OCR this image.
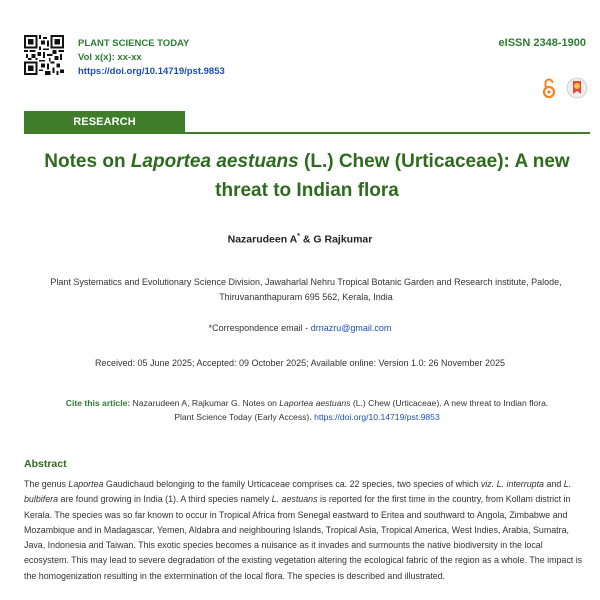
PLANT SCIENCE TODAY
Vol x(x): xx-xx
https://doi.org/10.14719/pst.9853
eISSN 2348-1900
RESEARCH COMMUNICATION
Notes on Laportea aestuans (L.) Chew (Urticaceae): A new threat to Indian flora
Nazarudeen A* & G Rajkumar
Plant Systematics and Evolutionary Science Division, Jawaharlal Nehru Tropical Botanic Garden and Research institute, Palode,
Thiruvananthapuram 695 562, Kerala, India
*Correspondence email - drnazru@gmail.com
Received: 05 June 2025; Accepted: 09 October 2025; Available online: Version 1.0: 26 November 2025
Cite this article: Nazarudeen A, Rajkumar G. Notes on Laportea aestuans (L.) Chew (Urticaceae). A new threat to Indian flora.
Plant Science Today (Early Access). https://doi.org/10.14719/pst.9853
Abstract
The genus Laportea Gaudichaud belonging to the family Urticaceae comprises ca. 22 species, two species of which viz. L. interrupta and L. bulbifera are found growing in India (1). A third species namely L. aestuans is reported for the first time in the country, from Kollam district in Kerala. The species was so far known to occur in Tropical Africa from Senegal eastward to Eritea and southward to Angola, Zimbabwe and Mozambique and in Madagascar, Yemen, Aldabra and neighbouring Islands, Tropical Asia, Tropical America, West Indies, Arabia, Sumatra, Java, Indonesia and Taiwan. This exotic species becomes a nuisance as it invades and surmounts the native biodiversity in the local ecosystem. This may lead to severe degradation of the existing vegetation altering the ecological fabric of the region as a whole. The impact is the homogenization resulting in the extermination of the local flora. The species is described and illustrated.
